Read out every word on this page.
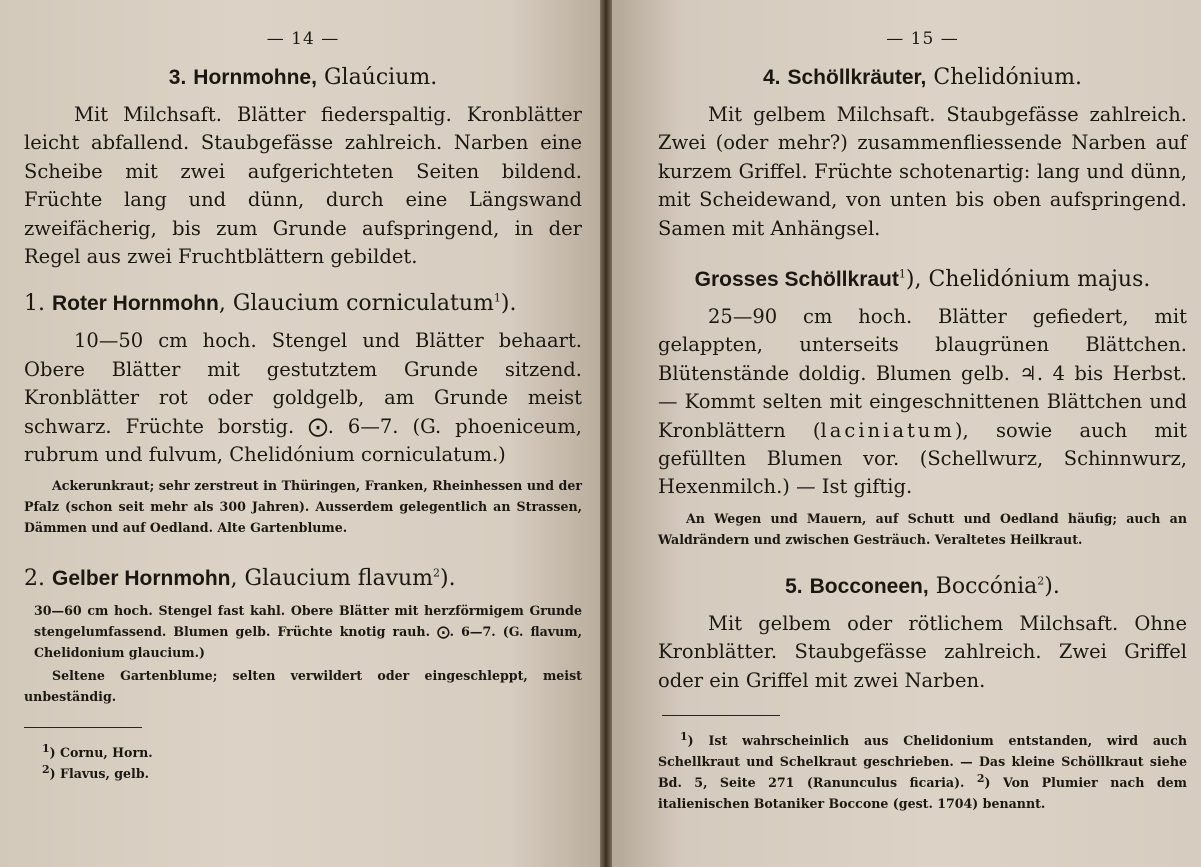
— 14 —
3. Hornmohne, Glaúcium.

Mit Milchsaft. Blätter fiederspaltig. Kronblätter leicht abfallend. Staubgefässe zahlreich. Narben eine Scheibe mit zwei aufgerichteten Seiten bildend. Früchte lang und dünn, durch eine Längswand zweifächerig, bis zum Grunde aufspringend, in der Regel aus zwei Fruchtblättern gebildet.

1. Roter Hornmohn, Glaucium corniculatum$^1$).

10—50 cm hoch. Stengel und Blätter behaart. Obere Blätter mit gestutztem Grunde sitzend. Kronblätter rot oder goldgelb, am Grunde meist schwarz. Früchte borstig. ⨀. 6—7. (G. phoeniceum, rubrum und fulvum, Chelidónium corniculatum.)

Ackerunkraut; sehr zerstreut in Thüringen, Franken, Rheinhessen und der Pfalz (schon seit mehr als 300 Jahren). Ausserdem gelegentlich an Strassen, Dämmen und auf Oedland. Alte Gartenblume.

2. Gelber Hornmohn, Glaucium flavum$^2$).

30—60 cm hoch. Stengel fast kahl. Obere Blätter mit herzförmigem Grunde stengelumfassend. Blumen gelb. Früchte knotig rauh. ⨀. 6—7. (G. flavum, Chelidonium glaucium.)

Seltene Gartenblume; selten verwildert oder eingeschleppt, meist unbeständig.

$^1$) Cornu, Horn.

$^2$) Flavus, gelb.

— 15 —
4. Schöllkräuter, Chelidónium.

Mit gelbem Milchsaft. Staubgefässe zahlreich. Zwei (oder mehr?) zusammenfliessende Narben auf kurzem Griffel. Früchte schotenartig: lang und dünn, mit Scheidewand, von unten bis oben aufspringend. Samen mit Anhängsel.

Grosses Schöllkraut$^1$), Chelidónium majus.

25—90 cm hoch. Blätter gefiedert, mit gelappten, unterseits blaugrünen Blättchen. Blütenstände doldig. Blumen gelb. ♃. 4 bis Herbst. — Kommt selten mit eingeschnittenen Blättchen und Kronblättern (laciniatum), sowie auch mit gefüllten Blumen vor. (Schellwurz, Schinnwurz, Hexenmilch.) — Ist giftig.

An Wegen und Mauern, auf Schutt und Oedland häufig; auch an Waldrändern und zwischen Gesträuch. Veraltetes Heilkraut.

5. Bocconeen, Boccónia$^2$).

Mit gelbem oder rötlichem Milchsaft. Ohne Kronblätter. Staubgefässe zahlreich. Zwei Griffel oder ein Griffel mit zwei Narben.

$^1$) Ist wahrscheinlich aus Chelidonium entstanden, wird auch Schellkraut und Schelkraut geschrieben. — Das kleine Schöllkraut siehe Bd. 5, Seite 271 (Ranunculus ficaria). $^2$) Von Plumier nach dem italienischen Botaniker Boccone (gest. 1704) benannt.
